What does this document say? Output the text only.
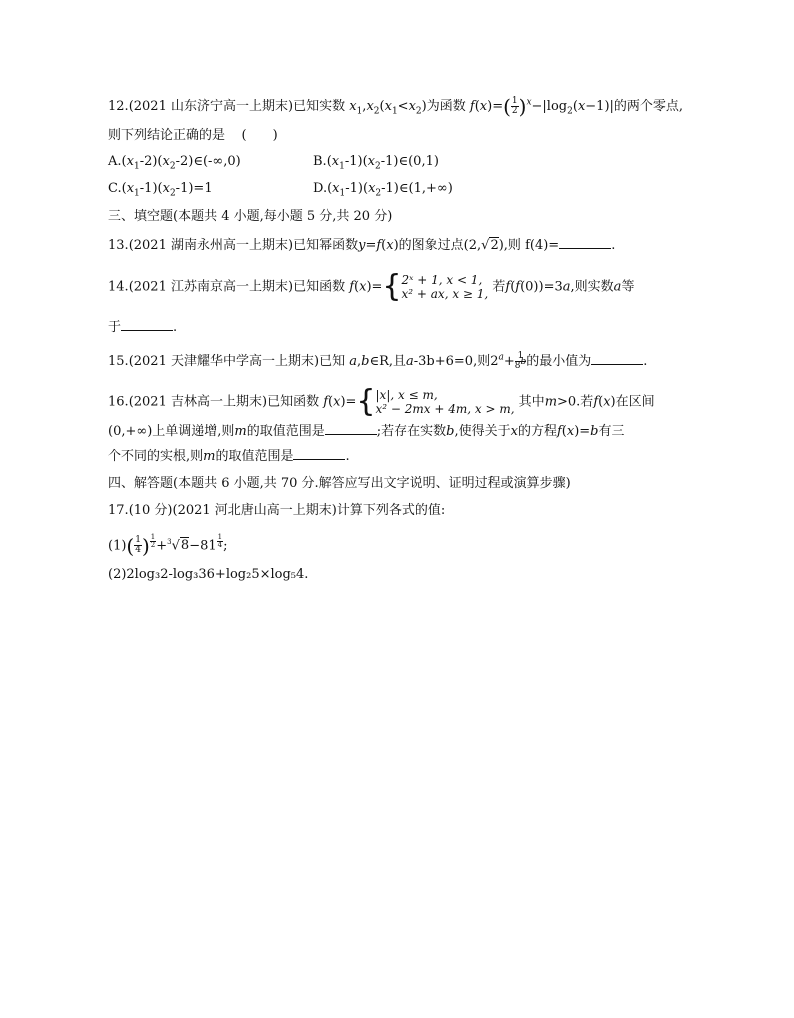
12.(2021 山东济宁高一上期末)已知实数 $x_1,x_2(x_1<x_2)$为函数 $f(x)=( \frac{1}{2} )^x-|\log_2(x-1)|$的两个零点,
则下列结论正确的是 (　　)
$A.(x_1-2)(x_2-2)\in(-\infty,0)$	$B.(x_1-1)(x_2-1)\in(0,1)$
$C.(x_1-1)(x_2-1)=1$	$D.(x_1-1)(x_2-1)\in(1,+\infty)$
三、填空题(本题共 4 小题,每小题 5 分,共 20 分)
13.(2021 湖南永州高一上期末)已知幂函数y=f(x)的图象过点(2,√2),则 f(4)=	.
14.(2021 江苏南京高一上期末)已知函数 f(x)={ 2ˣ + 1, x < 1,
x² + ax, x ≥ 1, 若f(f(0))=3a,则实数a等
于	.
15.(2021 天津耀华中学高一上期末)已知 a,b∈R,且a-3b+6=0,则$2^a+ \frac{1}{8^b}$ 的最小值为	.
16.(2021 吉林高一上期末)已知函数 f(x)={ |x|, x ≤ m,
x² − 2mx + 4m, x > m, 其中m>0.若f(x)在区间
(0,+∞)上单调递增,则m的取值范围是	;若存在实数b,使得关于x的方程f(x)=b有三
个不同的实根,则m的取值范围是	.
四、解答题(本题共 6 小题,共 70 分.解答应写出文字说明、证明过程或演算步骤)
17.(10 分)(2021 河北唐山高一上期末)计算下列各式的值:
$(1)( \frac{1}{4}$ ) $^{\frac{1}{2}}$ +$^3$√8−81 $^{\frac{1}{4}}$ ;
(2)2log₃2-log₃36+log₂5×log₅4.
